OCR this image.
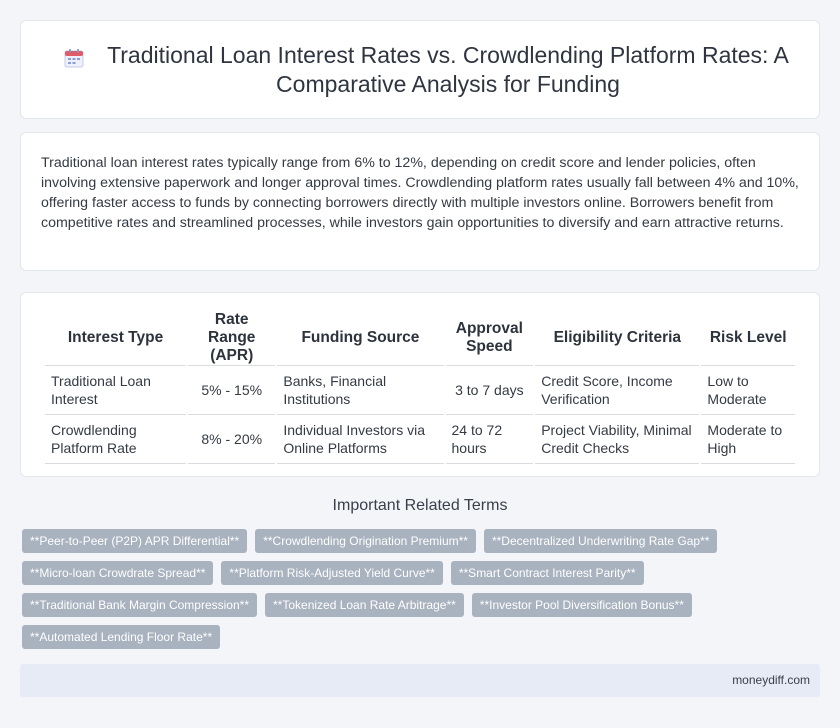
Traditional Loan Interest Rates vs. Crowdlending Platform Rates: A Comparative Analysis for Funding

Traditional loan interest rates typically range from 6% to 12%, depending on credit score and lender policies, often involving extensive paperwork and longer approval times. Crowdlending platform rates usually fall between 4% and 10%, offering faster access to funds by connecting borrowers directly with multiple investors online. Borrowers benefit from competitive rates and streamlined processes, while investors gain opportunities to diversify and earn attractive returns.

Interest Type	Rate Range (APR)	Funding Source	Approval Speed	Eligibility Criteria	Risk Level
Traditional Loan Interest	5% - 15%	Banks, Financial Institutions	3 to 7 days	Credit Score, Income Verification	Low to Moderate
Crowdlending Platform Rate	8% - 20%	Individual Investors via Online Platforms	24 to 72 hours	Project Viability, Minimal Credit Checks	Moderate to High
Important Related Terms
**Peer-to-Peer (P2P) APR Differential**	**Crowdlending Origination Premium**	**Decentralized Underwriting Rate Gap**
**Micro-loan Crowdrate Spread**	**Platform Risk-Adjusted Yield Curve**	**Smart Contract Interest Parity**
**Traditional Bank Margin Compression**	**Tokenized Loan Rate Arbitrage**	**Investor Pool Diversification Bonus**
**Automated Lending Floor Rate**
moneydiff.com
